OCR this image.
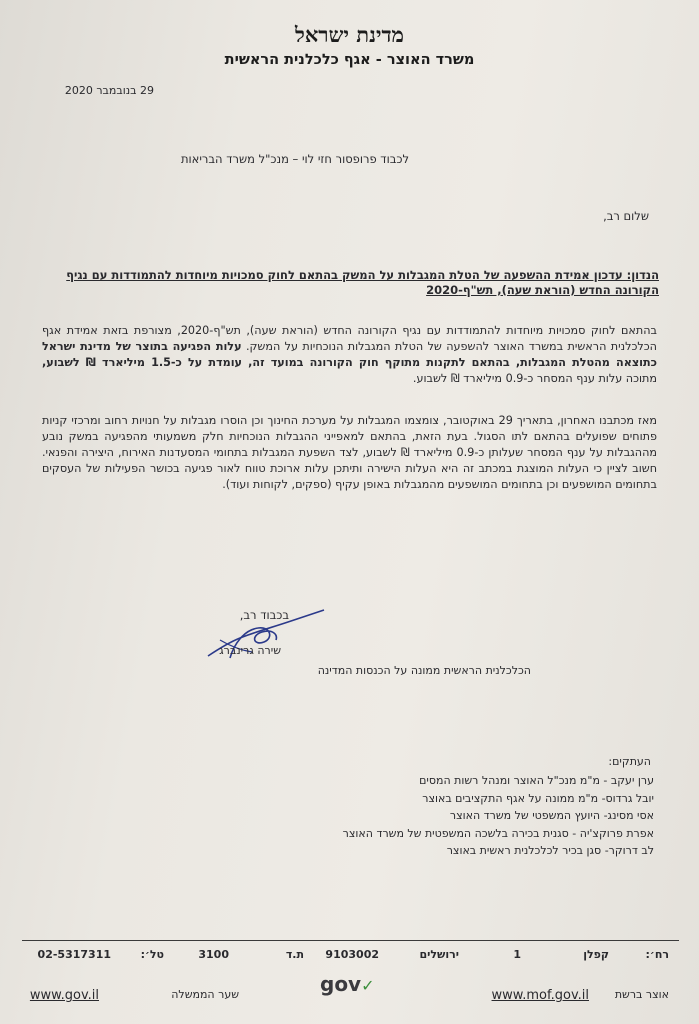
מדינת ישראל
משרד האוצר - אגף כלכלנית הראשית
29 בנובמבר 2020
לכבוד פרופסור חזי לוי – מנכ"ל משרד הבריאות
שלום רב,
הנדון: עדכון אמידת ההשפעה של הטלת המגבלות על המשק בהתאם לחוק סמכויות מיוחדות להתמודדות עם נגיף הקורונה החדש (הוראת שעה), תש"ף-2020
בהתאם לחוק סמכויות מיוחדות להתמודדות עם נגיף הקורונה החדש (הוראת שעה), תש"ף-2020, מצורפת בזאת אמידת אגף הכלכלנית הראשית במשרד האוצר להשפעה של הטלת המגבלות הנוכחיות על המשק. עלות הפגיעה בתוצר של מדינת ישראל כתוצאה מהטלת המגבלות, בהתאם לתקנות מתוקף חוק הקורונה במועד זה, עומדת על כ-1.5 מיליארד ₪ לשבוע, מתוכה עלות ענף המסחר כ-0.9 מיליארד ₪ לשבוע.
מאז מכתבנו האחרון, בתאריך 29 באוקטובר, צומצמו המגבלות על מערכת החינוך וכן הוסרו מגבלות על חנויות רחוב ומרכזי קניות פתוחים שפועלים בהתאם לתו הסגול. בעת הזאת, בהתאם למאפייני ההגבלות הנוכחיות חלק משמעותי מהפגיעה במשק נובע מההגבלות על ענף המסחר שעלותן כ-0.9 מיליארד ₪ לשבוע, לצד השפעת המגבלות בתחומי המסעדנות האירוח, היצירה והפנאי. חשוב לציין כי העלות המוצגת במכתב זה היא העלות הישירה ותיתכן עלות ארוכת טווח לאור פגיעה בכושר הפעילות של העסקים בתחומים המושפעים וכן בתחומים המושפעים מהמגבלות באופן עקיף (ספקים, לקוחות ועוד).
בכבוד רב,
שירה גרינברג
הכלכלנית הראשית ממונה על הכנסות המדינה
העתקים:
ערן יעקב - מ"מ מנכ"ל האוצר ומנהל רשות המסים
יובל גרדוס- מ"מ ממונה על אגף התקציבים באוצר
אסי מסינג- היועץ המשפטי של משרד האוצר
אפרת פרוקצ'יה - סגנית בכירה בלשכה המשפטית של משרד האוצר
לב דרוקר- סגן בכיר לכלכלנית ראשית באוצר
רח׳:
קפלן
1
ירושלים
9103002
ת.ד
3100
טל׳:
02-5317311
אוצר ברשת
www.mof.gov.il
gov✓
שער הממשלה
www.gov.il
